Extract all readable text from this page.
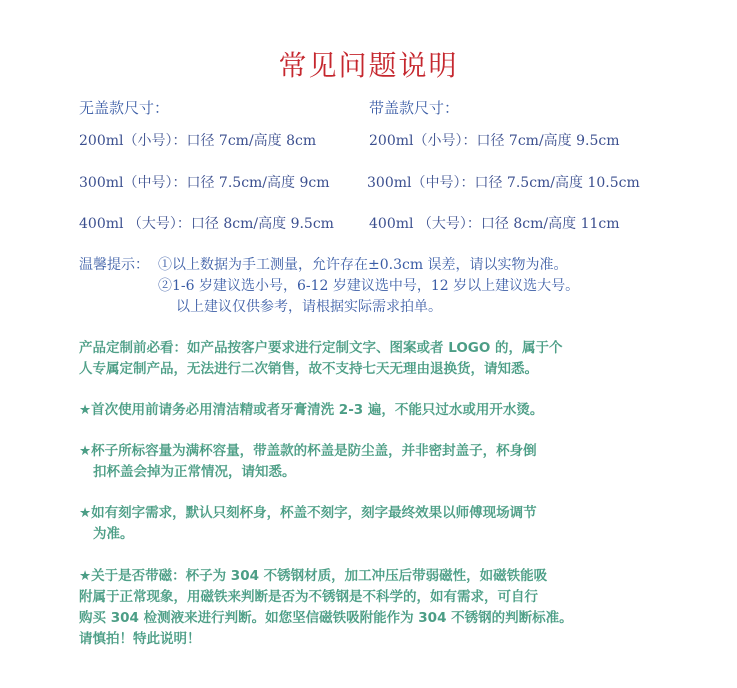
常见问题说明
无盖款尺寸：	带盖款尺寸：
200ml（小号）：口径 7cm/高度 8cm	200ml（小号）：口径 7cm/高度 9.5cm
300ml（中号）：口径 7.5cm/高度 9cm	300ml（中号）：口径 7.5cm/高度 10.5cm
400ml （大号）：口径 8cm/高度 9.5cm	400ml （大号）：口径 8cm/高度 11cm
温馨提示： ①以上数据为手工测量，允许存在±0.3cm 误差，请以实物为准。
②1-6 岁建议选小号，6-12 岁建议选中号，12 岁以上建议选大号。
以上建议仅供参考，请根据实际需求拍单。
产品定制前必看：如产品按客户要求进行定制文字、图案或者 LOGO 的，属于个
人专属定制产品，无法进行二次销售，故不支持七天无理由退换货，请知悉。
★首次使用前请务必用清洁精或者牙膏清洗 2-3 遍，不能只过水或用开水烫。
★杯子所标容量为满杯容量，带盖款的杯盖是防尘盖，并非密封盖子，杯身倒
扣杯盖会掉为正常情况，请知悉。
★如有刻字需求，默认只刻杯身，杯盖不刻字，刻字最终效果以师傅现场调节
为准。
★关于是否带磁：杯子为 304 不锈钢材质，加工冲压后带弱磁性，如磁铁能吸
附属于正常现象，用磁铁来判断是否为不锈钢是不科学的，如有需求，可自行
购买 304 检测液来进行判断。如您坚信磁铁吸附能作为 304 不锈钢的判断标准。
请慎拍！特此说明！
